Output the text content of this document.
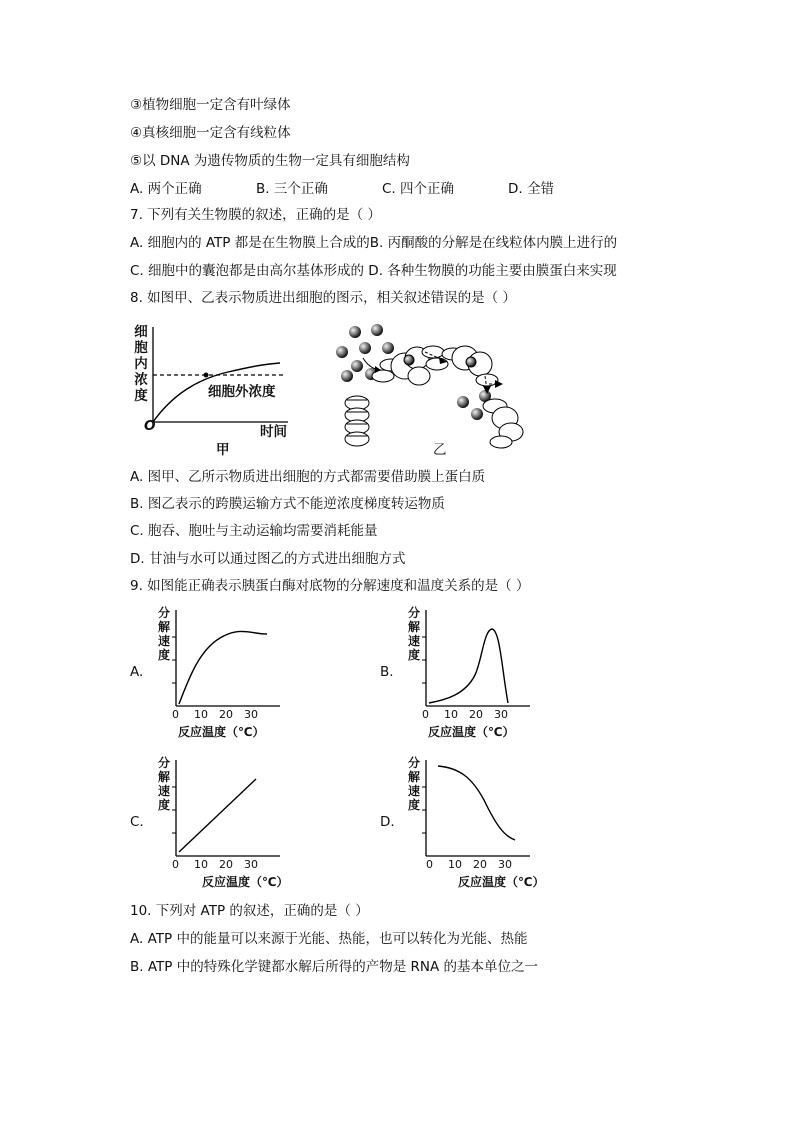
③植物细胞一定含有叶绿体
④真核细胞一定含有线粒体
⑤以 DNA 为遗传物质的生物一定具有细胞结构
A. 两个正确	B. 三个正确	C. 四个正确	D. 全错
7. 下列有关生物膜的叙述，正确的是（ ）
A. 细胞内的 ATP 都是在生物膜上合成的B. 丙酮酸的分解是在线粒体内膜上进行的
C. 细胞中的囊泡都是由高尔基体形成的 D. 各种生物膜的功能主要由膜蛋白来实现
8. 如图甲、乙表示物质进出细胞的图示，相关叙述错误的是（ ）
细
胞
内
浓
度	细胞外浓度
O	时间
甲	乙
A. 图甲、乙所示物质进出细胞的方式都需要借助膜上蛋白质
B. 图乙表示的跨膜运输方式不能逆浓度梯度转运物质
C. 胞吞、胞吐与主动运输均需要消耗能量
D. 甘油与水可以通过图乙的方式进出细胞方式
9. 如图能正确表示胰蛋白酶对底物的分解速度和温度关系的是（ ）
A.
分
解
速
度
0 10 20 30
反应温度（℃）
B.
分
解
速
度
0 10 20 30
反应温度（℃）
C.
分
解
速
度
0 10 20 30
反应温度（℃）
D.
分
解
速
度
0 10 20 30
反应温度（℃）
10. 下列对 ATP 的叙述，正确的是（ ）
A. ATP 中的能量可以来源于光能、热能，也可以转化为光能、热能
B. ATP 中的特殊化学键都水解后所得的产物是 RNA 的基本单位之一
